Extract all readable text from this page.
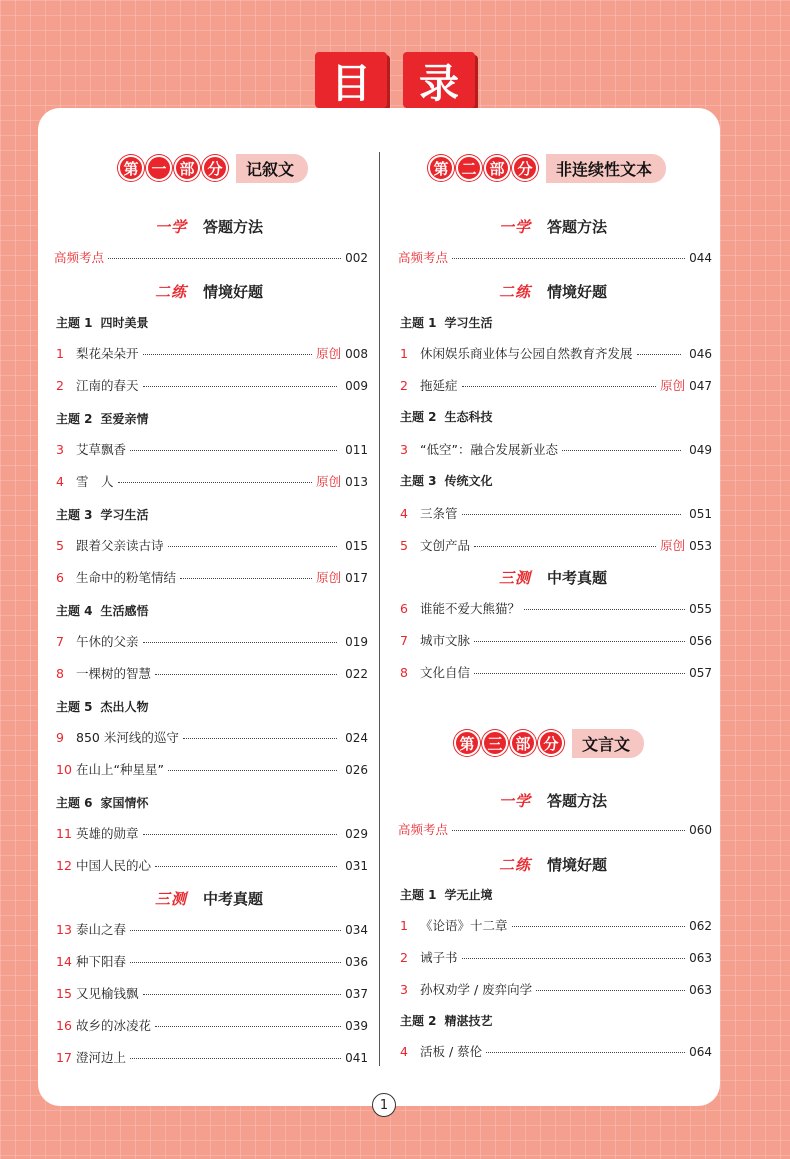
目	录
第 一 部 分	记叙文
一学 答题方法
高频考点	002
二练 情境好题
主题 1 四时美景
1 梨花朵朵开	原创 008
2 江南的春天	009
主题 2 至爱亲情
3 艾草飘香	011
4 雪　人	原创 013
主题 3 学习生活
5 跟着父亲读古诗	015
6 生命中的粉笔情结	原创 017
主题 4 生活感悟
7 午休的父亲	019
8 一棵树的智慧	022
主题 5 杰出人物
9 850 米河线的巡守	024
10 在山上“种星星”	026
主题 6 家国情怀
11 英雄的勋章	029
12 中国人民的心	031
三测 中考真题
13 泰山之春	034
14 种下阳春	036
15 又见榆钱飘	037
16 故乡的冰凌花	039
17 澄河边上	041
第 二 部 分	非连续性文本
一学 答题方法
高频考点	044
二练 情境好题
主题 1 学习生活
1 休闲娱乐商业体与公园自然教育齐发展	046
2 拖延症	原创 047
主题 2 生态科技
3 “低空”：融合发展新业态	049
主题 3 传统文化
4 三条管	051
5 文创产品	原创 053
三测 中考真题
6 谁能不爱大熊猫？	055
7 城市文脉	056
8 文化自信	057
第 三 部 分	文言文
一学 答题方法
高频考点	060
二练 情境好题
主题 1 学无止境
1 《论语》十二章	062
2 诫子书	063
3 孙权劝学 / 废弈向学	063
主题 2 精湛技艺
4 活板 / 蔡伦	064
1
